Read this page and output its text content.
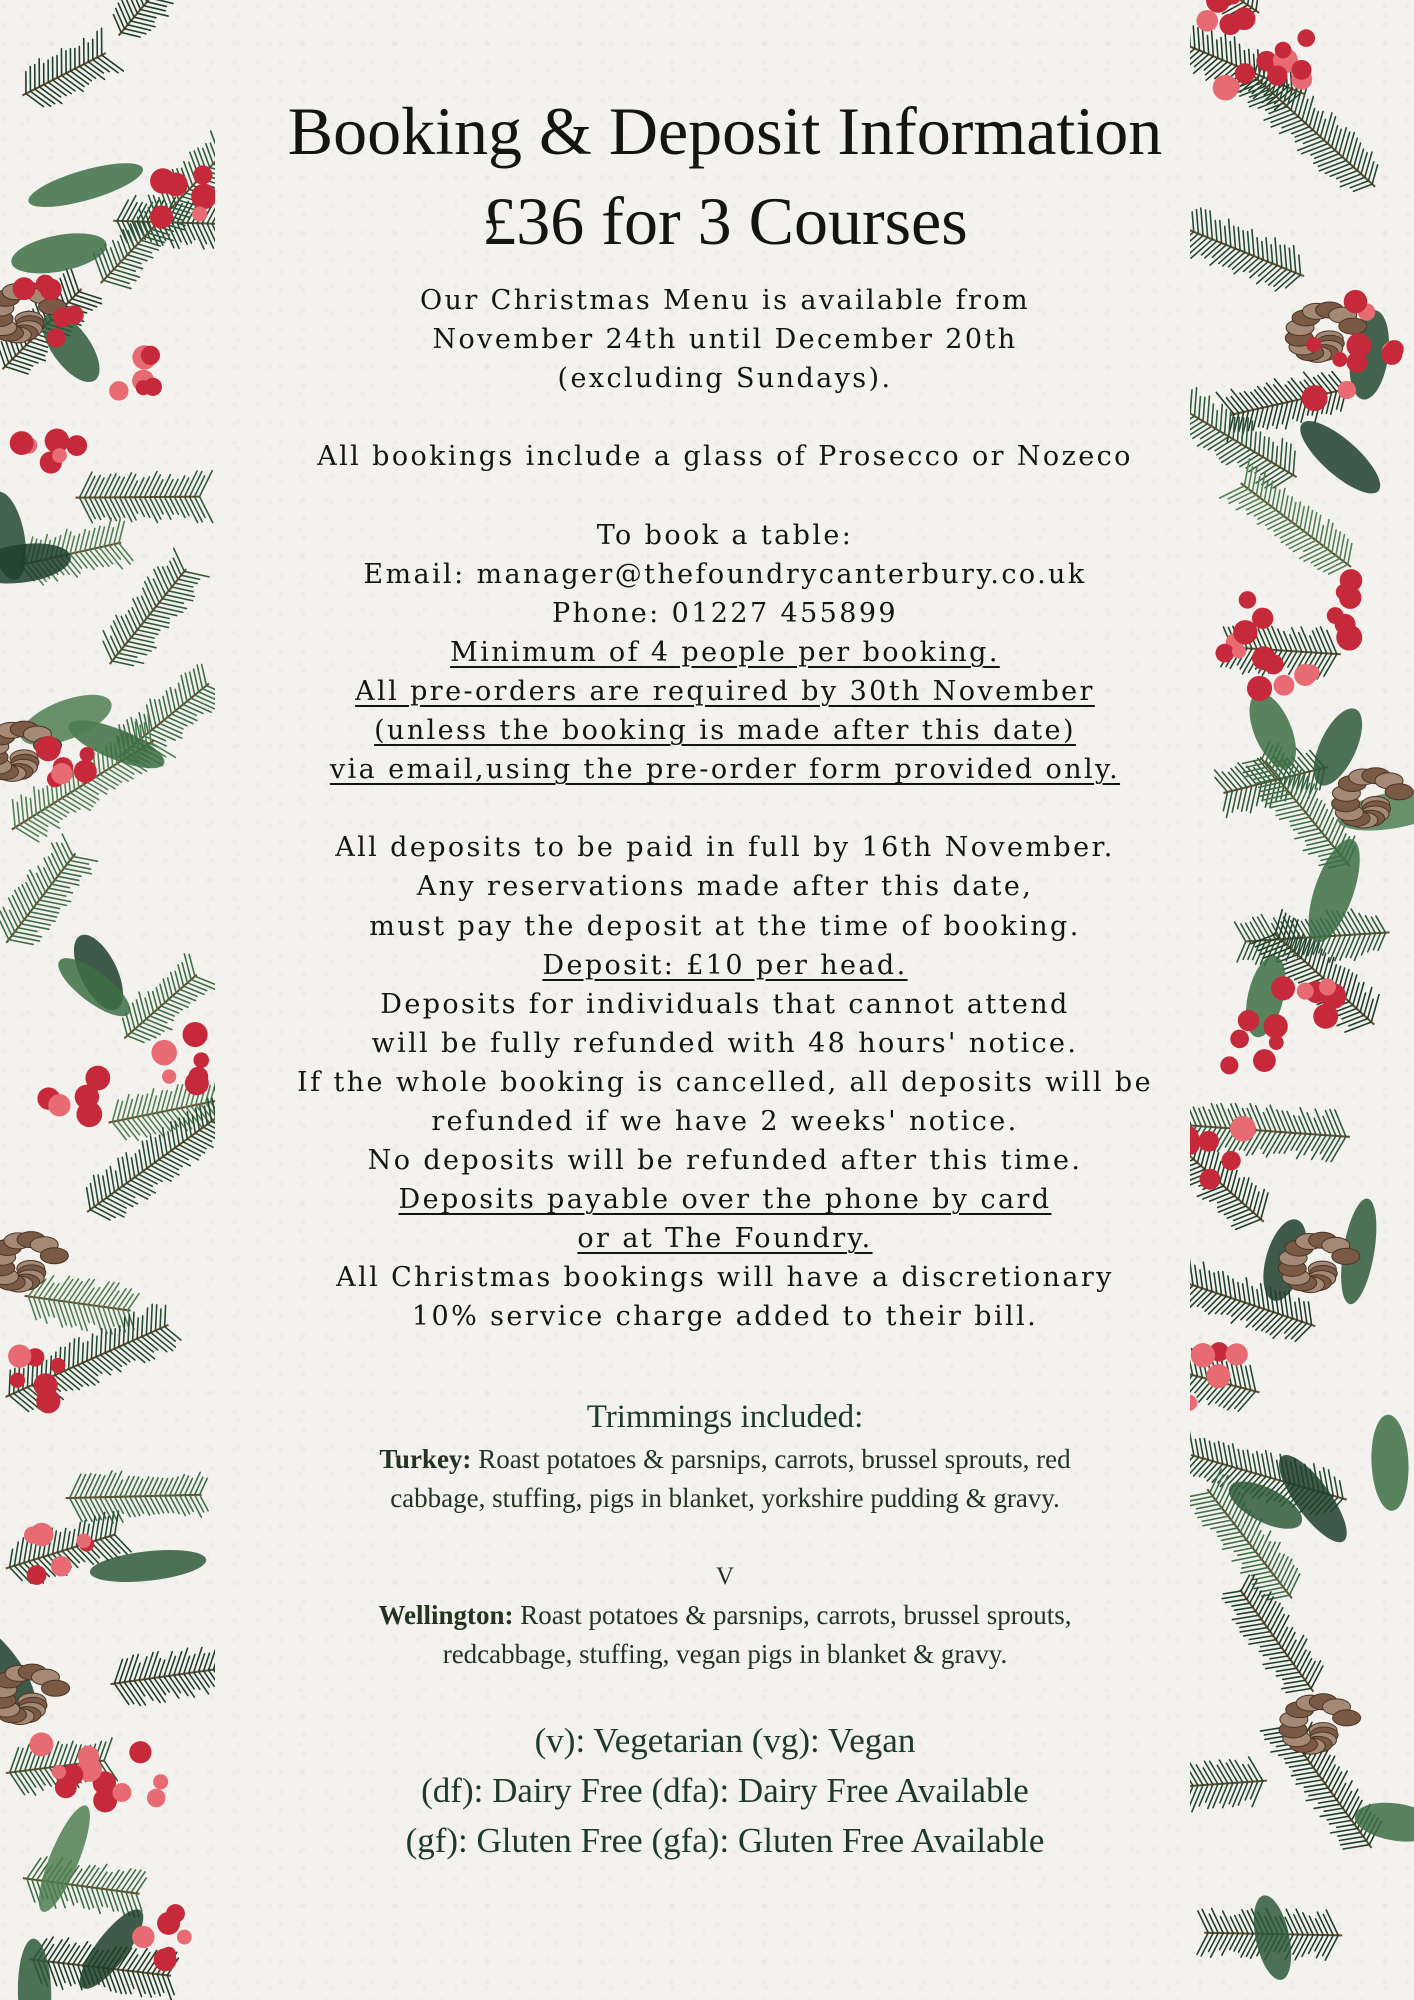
Booking & Deposit Information
£36 for 3 Courses
Our Christmas Menu is available from
November 24th until December 20th
(excluding Sundays).
All bookings include a glass of Prosecco or Nozeco
To book a table:
Email: manager@thefoundrycanterbury.co.uk
Phone: 01227 455899
Minimum of 4 people per booking.
All pre-orders are required by 30th November
(unless the booking is made after this date)
via email,using the pre-order form provided only.
All deposits to be paid in full by 16th November.
Any reservations made after this date,
must pay the deposit at the time of booking.
Deposit: £10 per head.
Deposits for individuals that cannot attend
will be fully refunded with 48 hours' notice.
If the whole booking is cancelled, all deposits will be
refunded if we have 2 weeks' notice.
No deposits will be refunded after this time.
Deposits payable over the phone by card
or at The Foundry.
All Christmas bookings will have a discretionary
10% service charge added to their bill.
Trimmings included:
Turkey: Roast potatoes & parsnips, carrots, brussel sprouts, red
cabbage, stuffing, pigs in blanket, yorkshire pudding & gravy.
V
Wellington: Roast potatoes & parsnips, carrots, brussel sprouts,
redcabbage, stuffing, vegan pigs in blanket & gravy.
(v): Vegetarian (vg): Vegan
(df): Dairy Free (dfa): Dairy Free Available
(gf): Gluten Free (gfa): Gluten Free Available
